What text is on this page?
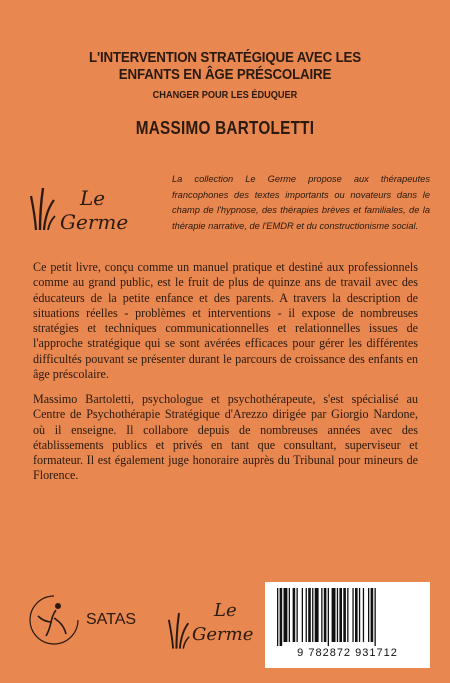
L'INTERVENTION STRATÉGIQUE AVEC LES
ENFANTS EN ÂGE PRÉSCOLAIRE
CHANGER POUR LES ÉDUQUER
MASSIMO BARTOLETTI
Le
Germe
La collection Le Germe propose aux thérapeutes francophones des textes importants ou novateurs dans le champ de l'hypnose, des thérapies brèves et familiales, de la thérapie narrative, de l'EMDR et du constructionisme social.

Ce petit livre, conçu comme un manuel pratique et destiné aux professionnels comme au grand public, est le fruit de plus de quinze ans de travail avec des éducateurs de la petite enfance et des parents. A travers la description de situations réelles - problèmes et interventions - il expose de nombreuses stratégies et techniques communicationnelles et relationnelles issues de l'approche stratégique qui se sont avérées efficaces pour gérer les différentes difficultés pouvant se présenter durant le parcours de croissance des enfants en âge préscolaire.

Massimo Bartoletti, psychologue et psychothérapeute, s'est spécialisé au Centre de Psychothérapie Stratégique d'Arezzo dirigée par Giorgio Nardone, où il enseigne. Il collabore depuis de nombreuses années avec des établissements publics et privés en tant que consultant, superviseur et formateur. Il est également juge honoraire auprès du Tribunal pour mineurs de Florence.

SATAS	Le
Germe
9 782872 931712
